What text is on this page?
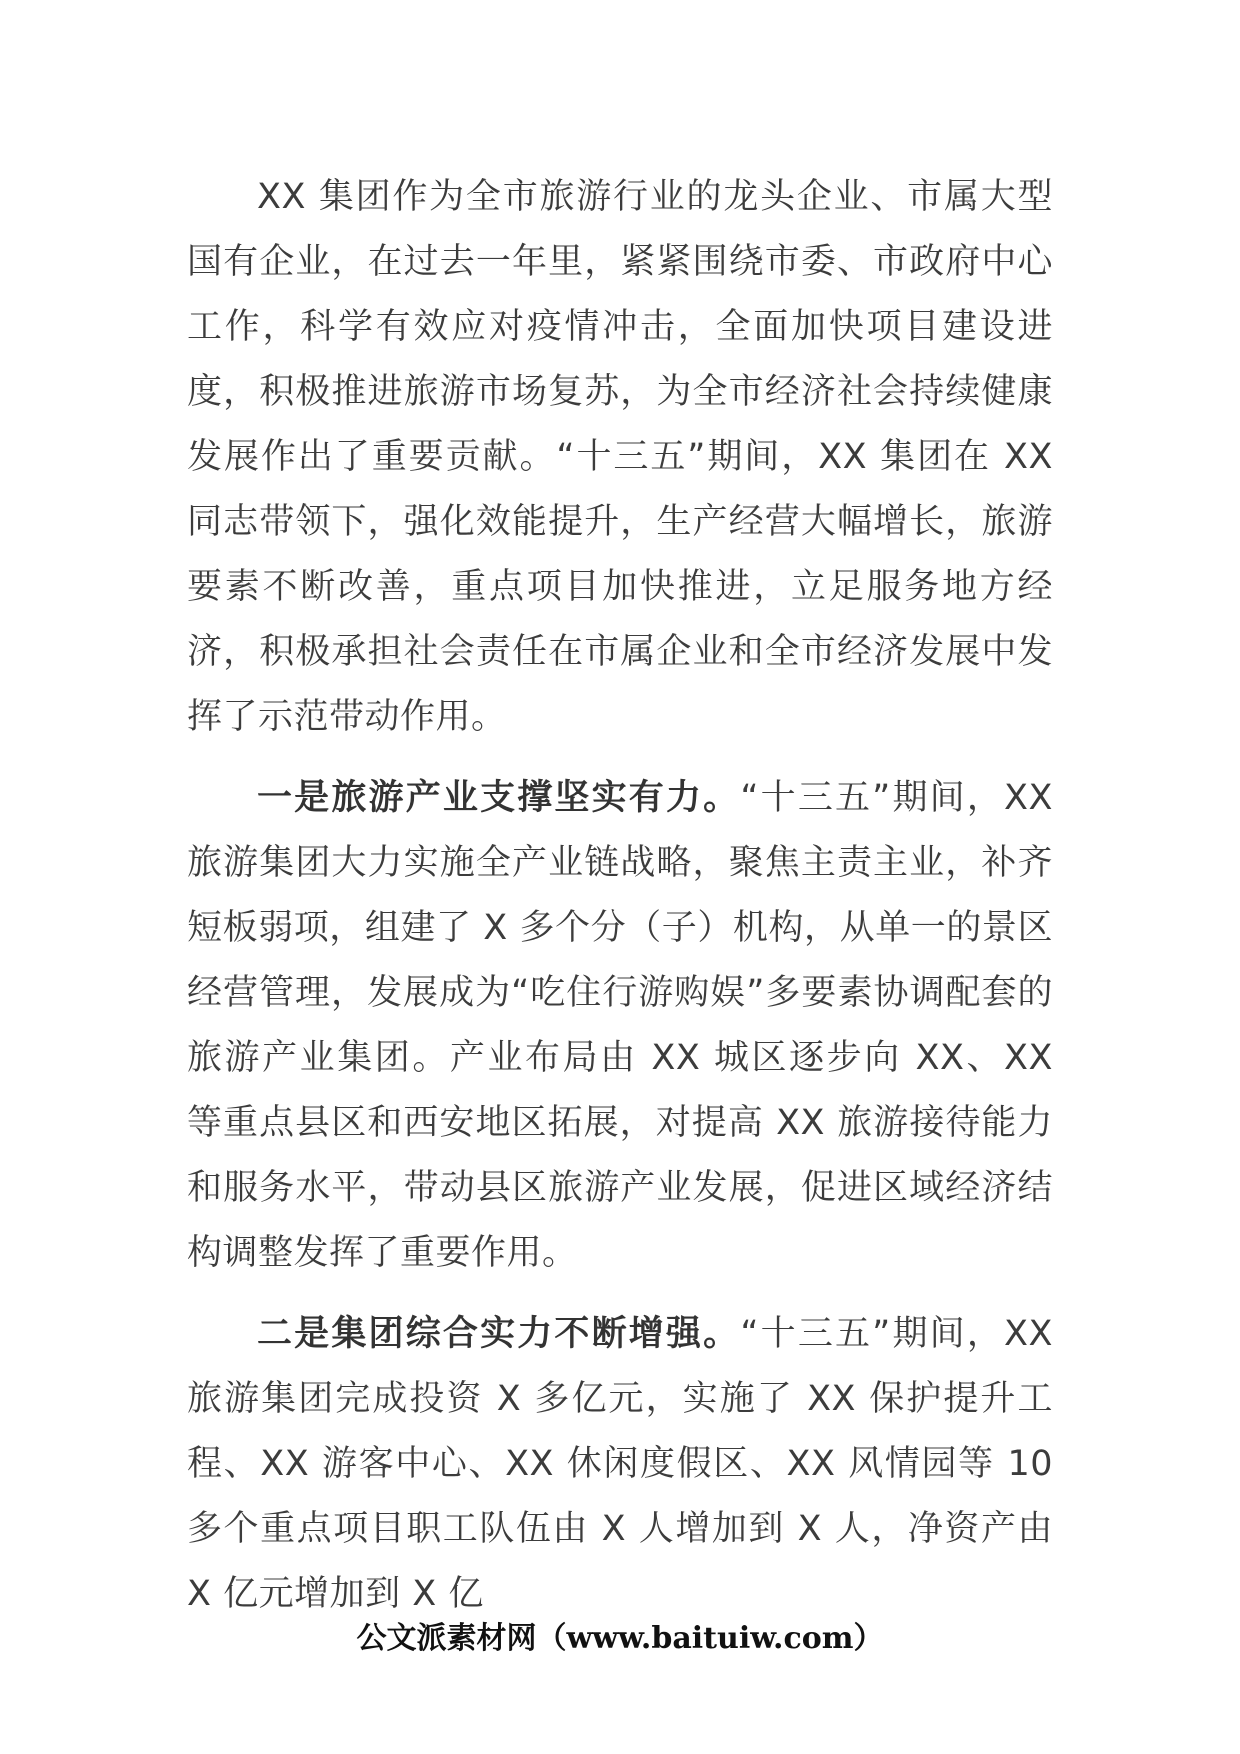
XX 集团作为全市旅游行业的龙头企业、市属大型国有企业，在过去一年里，紧紧围绕市委、市政府中心工作，科学有效应对疫情冲击，全面加快项目建设进度，积极推进旅游市场复苏，为全市经济社会持续健康发展作出了重要贡献。“十三五”期间，XX 集团在 XX 同志带领下，强化效能提升，生产经营大幅增长，旅游要素不断改善，重点项目加快推进，立足服务地方经济，积极承担社会责任在市属企业和全市经济发展中发挥了示范带动作用。

一是旅游产业支撑坚实有力。“十三五”期间，XX 旅游集团大力实施全产业链战略，聚焦主责主业，补齐短板弱项，组建了 X 多个分（子）机构，从单一的景区经营管理，发展成为“吃住行游购娱”多要素协调配套的旅游产业集团。产业布局由 XX 城区逐步向 XX、XX 等重点县区和西安地区拓展，对提高 XX 旅游接待能力和服务水平，带动县区旅游产业发展，促进区域经济结构调整发挥了重要作用。

二是集团综合实力不断增强。“十三五”期间，XX 旅游集团完成投资 X 多亿元，实施了 XX 保护提升工程、XX 游客中心、XX 休闲度假区、XX 风情园等 10 多个重点项目职工队伍由 X 人增加到 X 人，净资产由 X 亿元增加到 X 亿

公文派素材网（www.baituiw.com）
